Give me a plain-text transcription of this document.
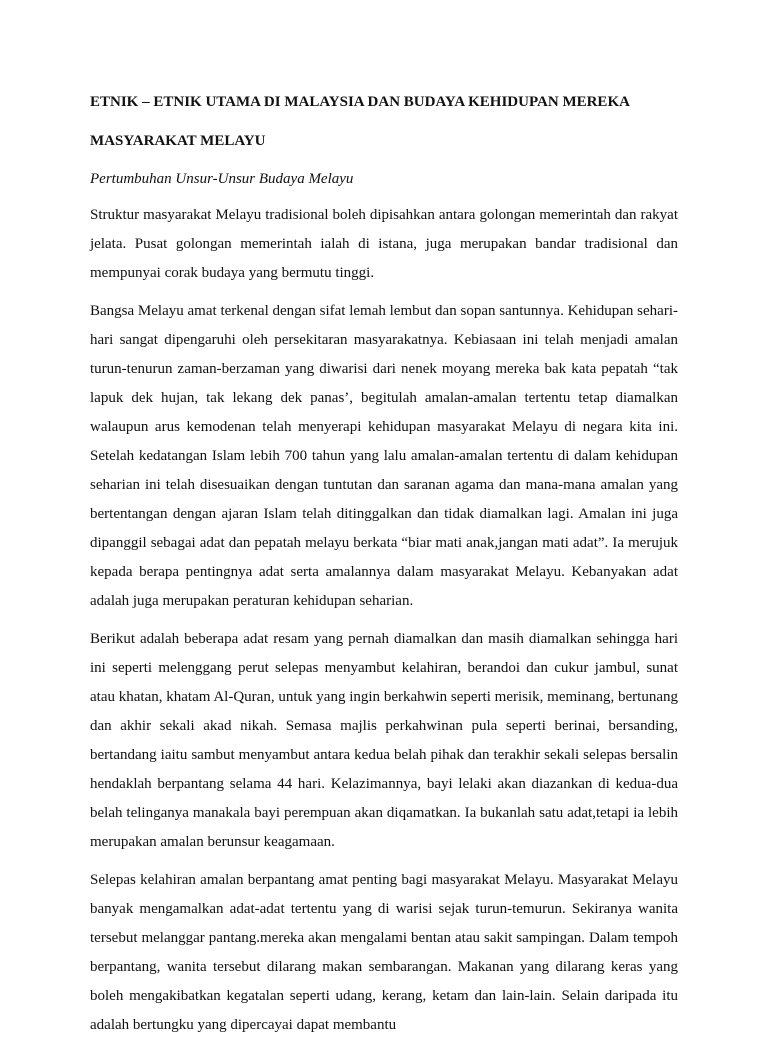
ETNIK – ETNIK UTAMA DI MALAYSIA DAN BUDAYA KEHIDUPAN MEREKA
MASYARAKAT MELAYU

Pertumbuhan Unsur-Unsur Budaya Melayu

Struktur masyarakat Melayu tradisional boleh dipisahkan antara golongan memerintah dan rakyat jelata. Pusat golongan memerintah ialah di istana, juga merupakan bandar tradisional dan mempunyai corak budaya yang bermutu tinggi.

Bangsa Melayu amat terkenal dengan sifat lemah lembut dan sopan santunnya. Kehidupan sehari-hari sangat dipengaruhi oleh persekitaran masyarakatnya. Kebiasaan ini telah menjadi amalan turun-tenurun zaman-berzaman yang diwarisi dari nenek moyang mereka bak kata pepatah “tak lapuk dek hujan, tak lekang dek panas’, begitulah amalan-amalan tertentu tetap diamalkan walaupun arus kemodenan telah menyerapi kehidupan masyarakat Melayu di negara kita ini. Setelah kedatangan Islam lebih 700 tahun yang lalu amalan-amalan tertentu di dalam kehidupan seharian ini telah disesuaikan dengan tuntutan dan saranan agama dan mana-mana amalan yang bertentangan dengan ajaran Islam telah ditinggalkan dan tidak diamalkan lagi. Amalan ini juga dipanggil sebagai adat dan pepatah melayu berkata “biar mati anak,jangan mati adat”. Ia merujuk kepada berapa pentingnya adat serta amalannya dalam masyarakat Melayu. Kebanyakan adat adalah juga merupakan peraturan kehidupan seharian.

Berikut adalah beberapa adat resam yang pernah diamalkan dan masih diamalkan sehingga hari ini seperti melenggang perut selepas menyambut kelahiran, berandoi dan cukur jambul, sunat atau khatan, khatam Al-Quran, untuk yang ingin berkahwin seperti merisik, meminang, bertunang dan akhir sekali akad nikah. Semasa majlis perkahwinan pula seperti berinai, bersanding, bertandang iaitu sambut menyambut antara kedua belah pihak dan terakhir sekali selepas bersalin hendaklah berpantang selama 44 hari. Kelazimannya, bayi lelaki akan diazankan di kedua-dua belah telinganya manakala bayi perempuan akan diqamatkan. Ia bukanlah satu adat,tetapi ia lebih merupakan amalan berunsur keagamaan.

Selepas kelahiran amalan berpantang amat penting bagi masyarakat Melayu. Masyarakat Melayu banyak mengamalkan adat-adat tertentu yang di warisi sejak turun-temurun. Sekiranya wanita tersebut melanggar pantang.mereka akan mengalami bentan atau sakit sampingan. Dalam tempoh berpantang, wanita tersebut dilarang makan sembarangan. Makanan yang dilarang keras yang boleh mengakibatkan kegatalan seperti udang, kerang, ketam dan lain-lain. Selain daripada itu adalah bertungku yang dipercayai dapat membantu
